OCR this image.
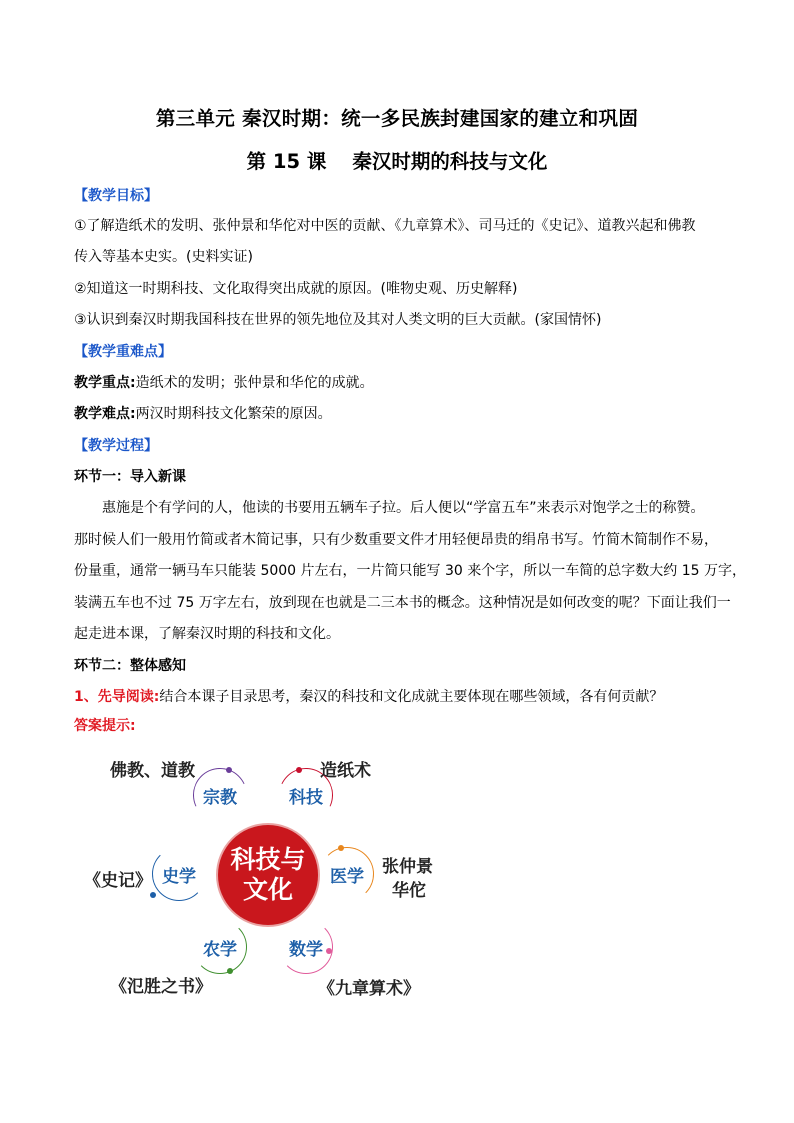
第三单元 秦汉时期：统一多民族封建国家的建立和巩固
第 15 课 秦汉时期的科技与文化
【教学目标】
①了解造纸术的发明、张仲景和华佗对中医的贡献、《九章算术》、司马迁的《史记》、道教兴起和佛教
传入等基本史实。(史料实证)
②知道这一时期科技、文化取得突出成就的原因。(唯物史观、历史解释)
③认识到秦汉时期我国科技在世界的领先地位及其对人类文明的巨大贡献。(家国情怀)
【教学重难点】
教学重点:造纸术的发明；张仲景和华佗的成就。
教学难点:两汉时期科技文化繁荣的原因。
【教学过程】
环节一：导入新课
惠施是个有学问的人，他读的书要用五辆车子拉。后人便以“学富五车”来表示对饱学之士的称赞。
那时候人们一般用竹简或者木简记事，只有少数重要文件才用轻便昂贵的绢帛书写。竹简木简制作不易，
份量重，通常一辆马车只能装 5000 片左右，一片简只能写 30 来个字，所以一车简的总字数大约 15 万字，
装满五车也不过 75 万字左右，放到现在也就是二三本书的概念。这种情况是如何改变的呢？下面让我们一
起走进本课，了解秦汉时期的科技和文化。
环节二：整体感知
1、先导阅读:结合本课子目录思考，秦汉的科技和文化成就主要体现在哪些领域，各有何贡献？
答案提示:
科技与
文化
宗教	科技
医学
数学
农学
史学
佛教、道教	造纸术
张仲景
华佗
《史记》
《氾胜之书》	《九章算术》
